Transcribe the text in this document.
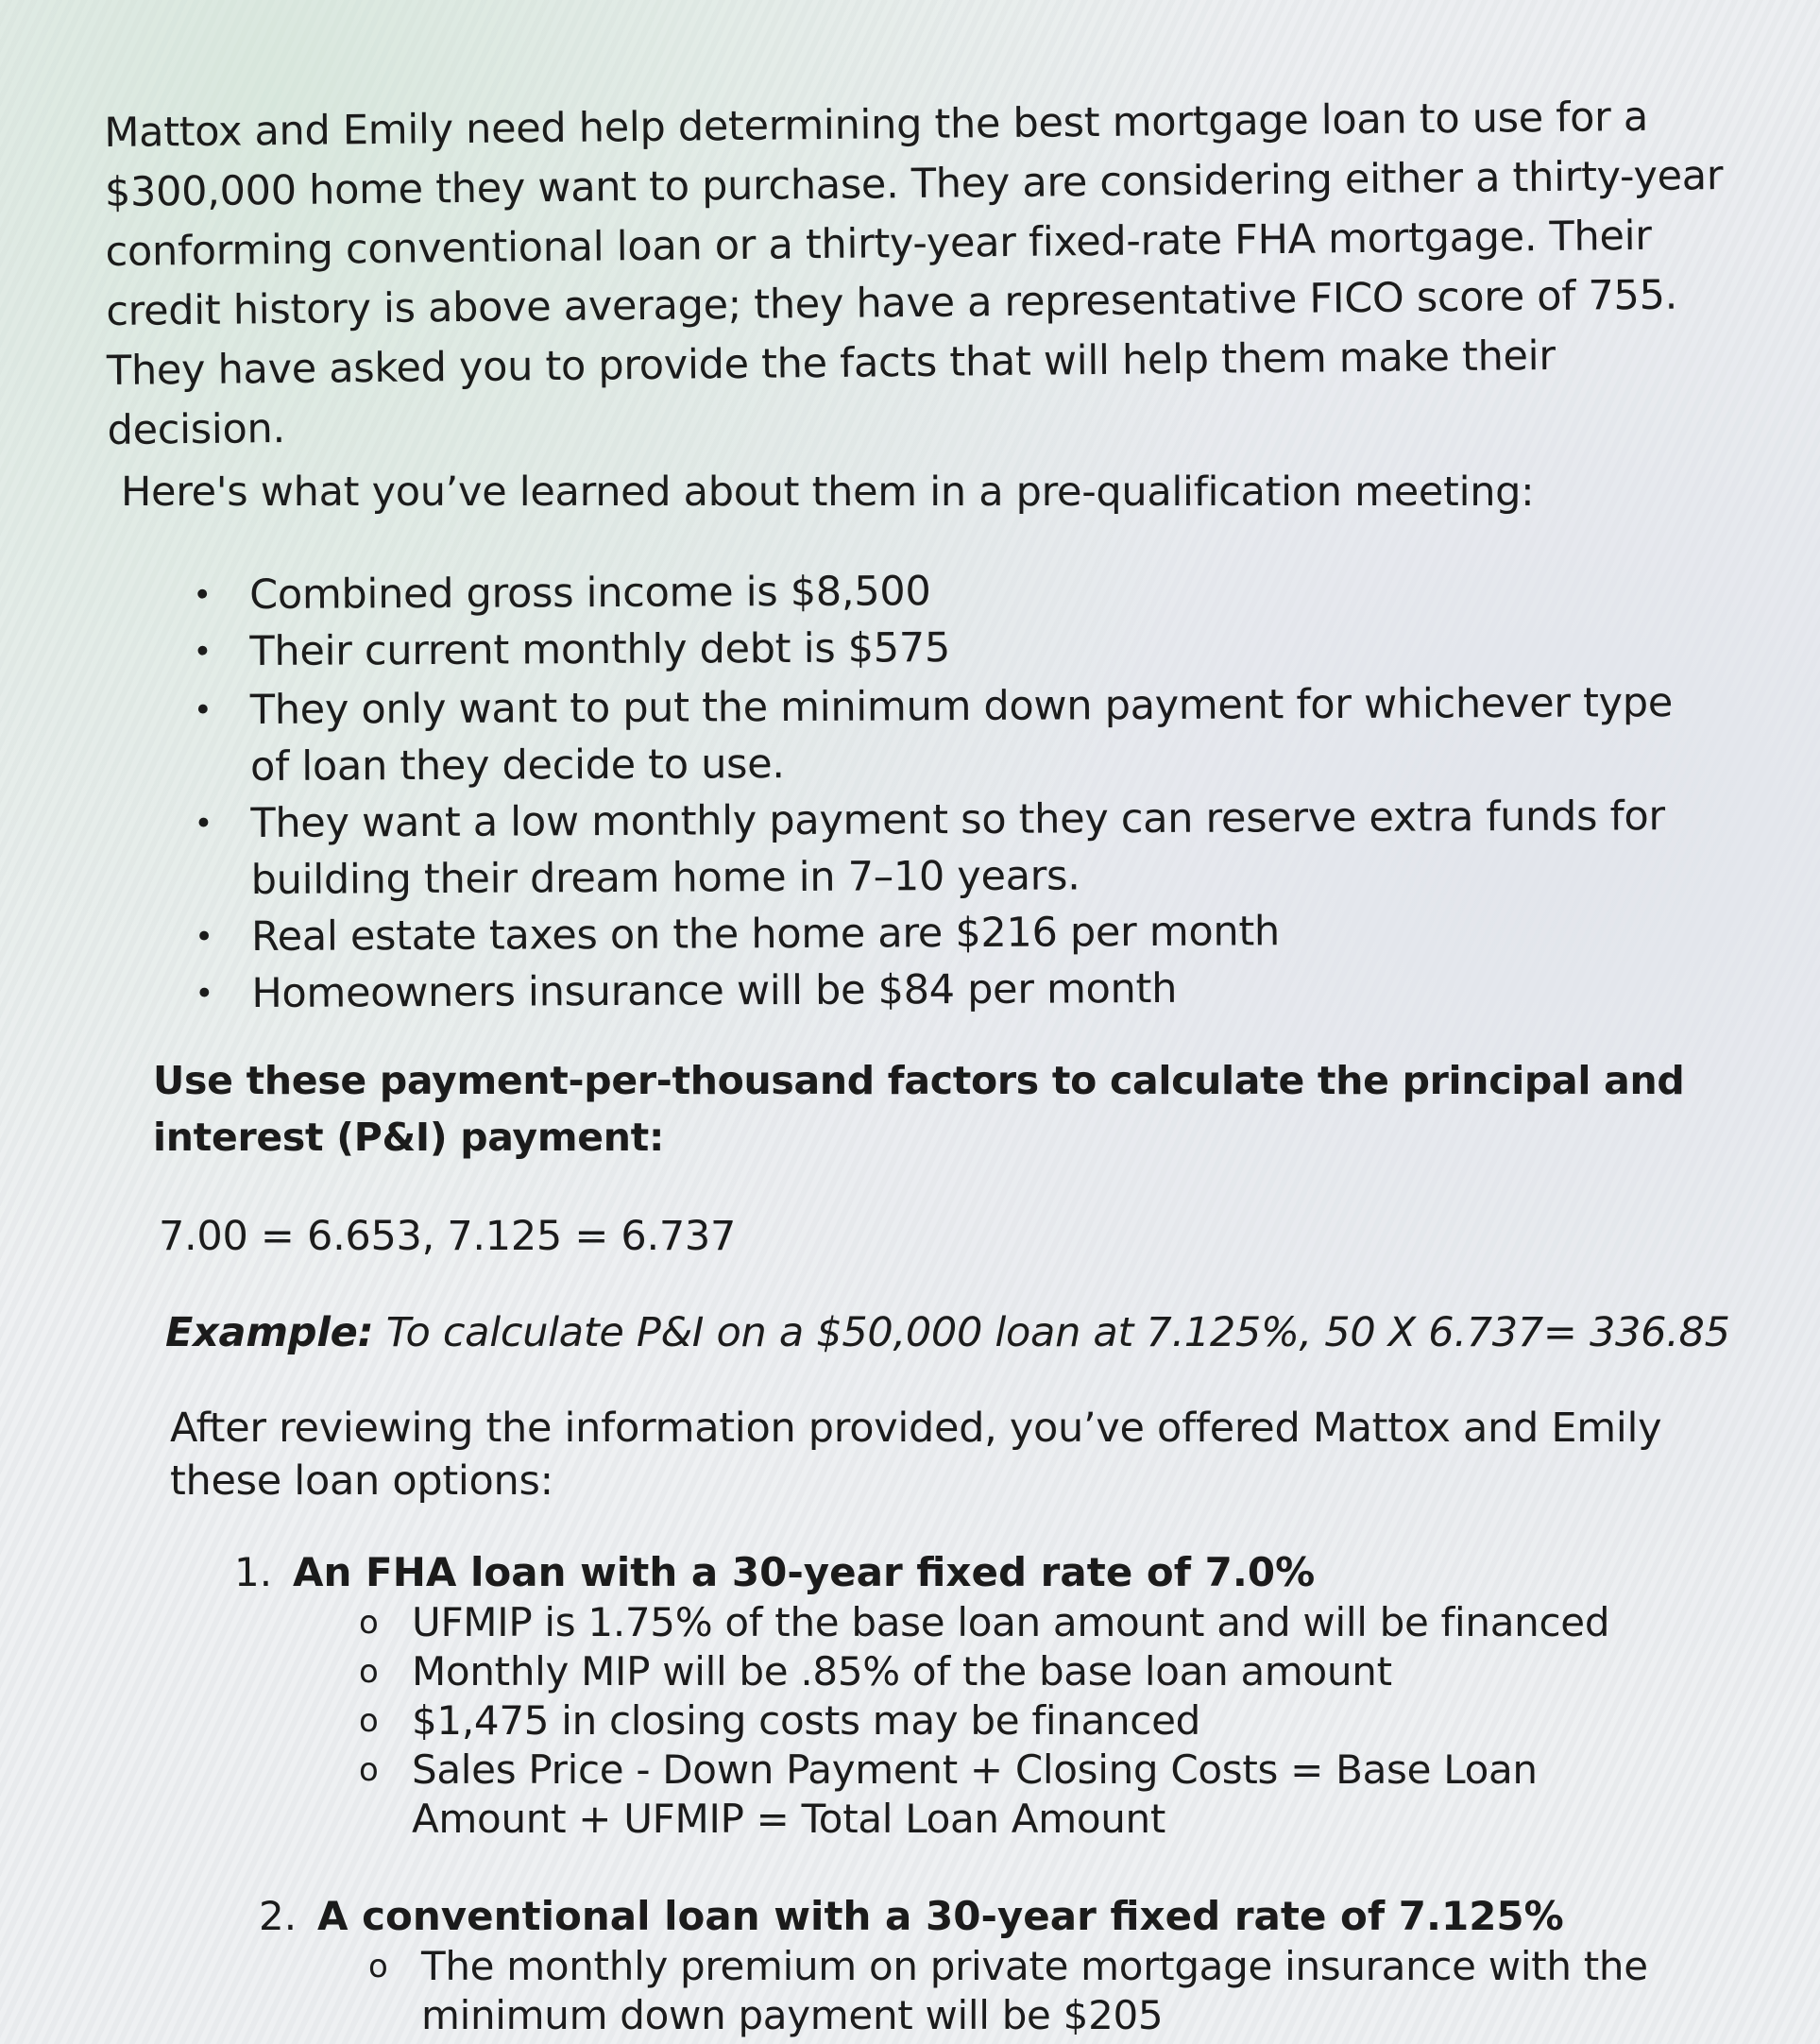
Mattox and Emily need help determining the best mortgage loan to use for a $300,000 home they want to purchase. They are considering either a thirty-year conforming conventional loan or a thirty-year fixed-rate FHA mortgage. Their credit history is above average; they have a representative FICO score of 755. They have asked you to provide the facts that will help them make their decision.

Here's what you’ve learned about them in a pre-qualification meeting:

• Combined gross income is $8,500
• Their current monthly debt is $575
• They only want to put the minimum down payment for whichever type of loan they decide to use.
• They want a low monthly payment so they can reserve extra funds for building their dream home in 7–10 years.
• Real estate taxes on the home are $216 per month
• Homeowners insurance will be $84 per month

Use these payment-per-thousand factors to calculate the principal and interest (P&I) payment:

7.00 = 6.653, 7.125 = 6.737

Example: To calculate P&I on a $50,000 loan at 7.125%, 50 X 6.737= 336.85

After reviewing the information provided, you’ve offered Mattox and Emily these loan options:

1. An FHA loan with a 30-year fixed rate of 7.0%
o UFMIP is 1.75% of the base loan amount and will be financed
o Monthly MIP will be .85% of the base loan amount
o $1,475 in closing costs may be financed
o Sales Price - Down Payment + Closing Costs = Base Loan Amount + UFMIP = Total Loan Amount
2. A conventional loan with a 30-year fixed rate of 7.125%
o The monthly premium on private mortgage insurance with the minimum down payment will be $205
